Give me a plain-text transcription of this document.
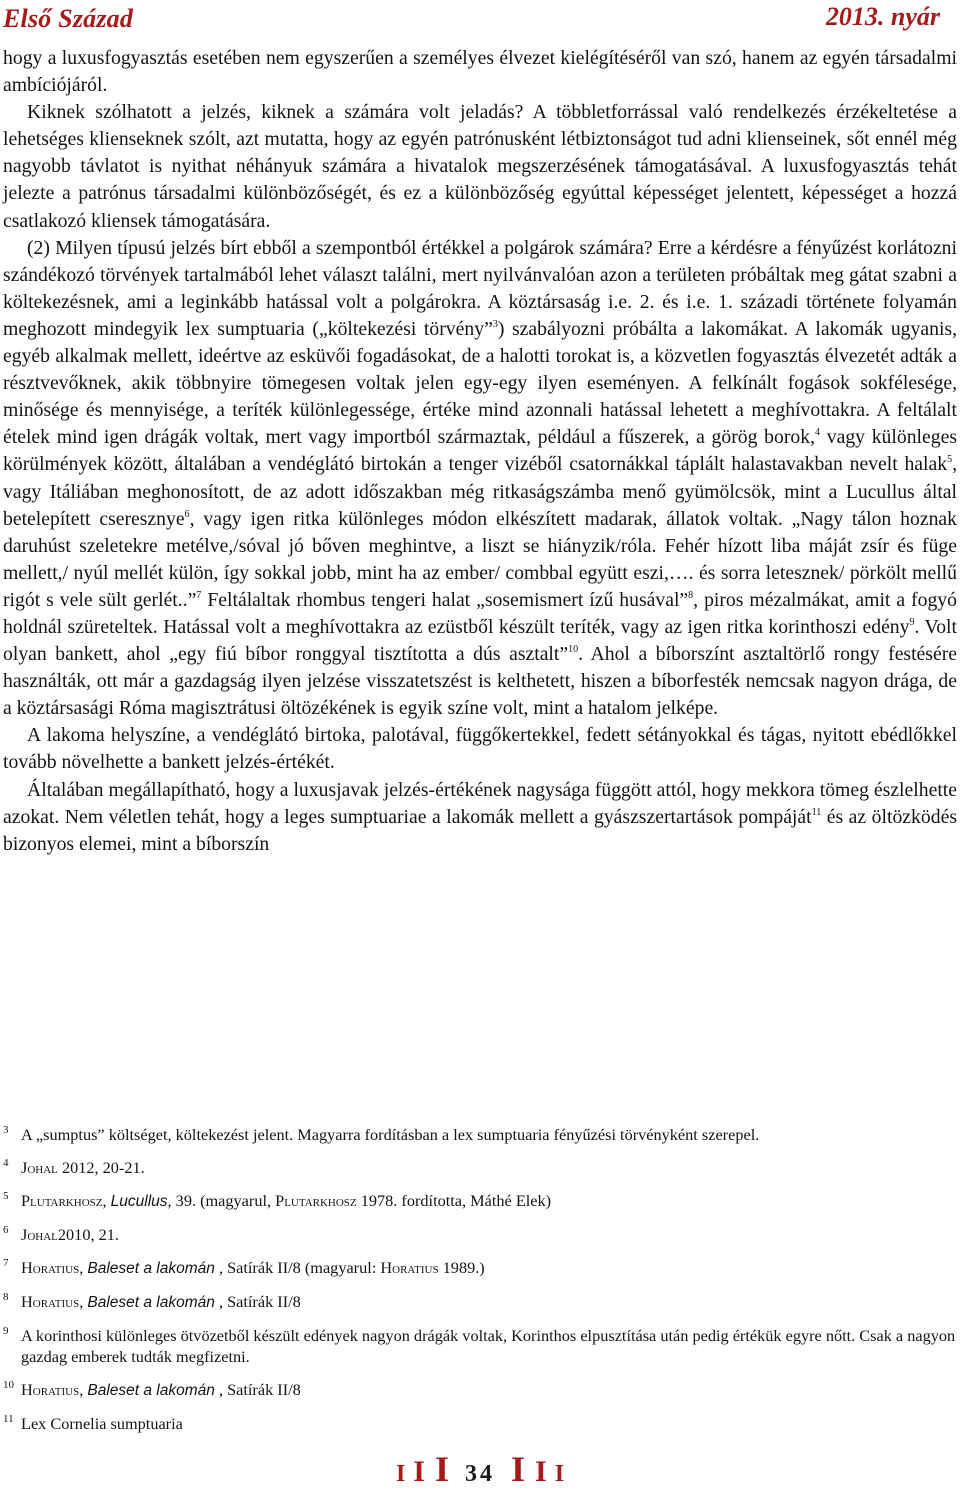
Első Század	2013. nyár

hogy a luxusfogyasztás esetében nem egyszerűen a személyes élvezet kielégítéséről van szó, hanem az egyén társadalmi ambíciójáról.

Kiknek szólhatott a jelzés, kiknek a számára volt jeladás? A többletforrással való rendelkezés érzékeltetése a lehetséges klienseknek szólt, azt mutatta, hogy az egyén patrónusként létbiztonságot tud adni klienseinek, sőt ennél még nagyobb távlatot is nyithat néhányuk számára a hivatalok megszerzésének támogatásával. A luxusfogyasztás tehát jelezte a patrónus társadalmi különbözőségét, és ez a különbözőség egyúttal képességet jelentett, képességet a hozzá csatlakozó kliensek támogatására.

(2) Milyen típusú jelzés bírt ebből a szempontból értékkel a polgárok számára? Erre a kérdésre a fényűzést korlátozni szándékozó törvények tartalmából lehet választ találni, mert nyilvánvalóan azon a területen próbáltak meg gátat szabni a költekezésnek, ami a leginkább hatással volt a polgárokra. A köztársaság i.e. 2. és i.e. 1. századi története folyamán meghozott mindegyik lex sumptuaria („költekezési törvény”$^3$) szabályozni próbálta a lakomákat. A lakomák ugyanis, egyéb alkalmak mellett, ideértve az esküvői fogadásokat, de a halotti torokat is, a közvetlen fogyasztás élvezetét adták a résztvevőknek, akik többnyire tömegesen voltak jelen egy-egy ilyen eseményen. A felkínált fogások sokfélesége, minősége és mennyisége, a teríték különlegessége, értéke mind azonnali hatással lehetett a meghívottakra. A feltálalt ételek mind igen drágák voltak, mert vagy importból származtak, például a fűszerek, a görög borok,$^4$ vagy különleges körülmények között, általában a vendéglátó birtokán a tenger vizéből csatornákkal táplált halastavakban nevelt halak$^5$, vagy Itáliában meghonosított, de az adott időszakban még ritkaságszámba menő gyümölcsök, mint a Lucullus által betelepített cseresznye$^6$, vagy igen ritka különleges módon elkészített madarak, állatok voltak. „Nagy tálon hoznak daruhúst szeletekre metélve,/sóval jó bőven meghintve, a liszt se hiányzik/róla. Fehér hízott liba máját zsír és füge mellett,/ nyúl mellét külön, így sokkal jobb, mint ha az ember/ combbal együtt eszi,…. és sorra letesznek/ pörkölt mellű rigót s vele sült gerlét..”$^7$ Feltálaltak rhombus tengeri halat „sosemismert ízű husával”$^8$, piros mézalmákat, amit a fogyó holdnál szüreteltek. Hatással volt a meghívottakra az ezüstből készült teríték, vagy az igen ritka korinthoszi edény$^9$. Volt olyan bankett, ahol „egy fiú bíbor ronggyal tisztította a dús asztalt”$^{10}$. Ahol a bíborszínt asztaltörlő rongy festésére használták, ott már a gazdagság ilyen jelzése visszatetszést is kelthetett, hiszen a bíborfesték nemcsak nagyon drága, de a köztársasági Róma magisztrátusi öltözékének is egyik színe volt, mint a hatalom jelképe.

A lakoma helyszíne, a vendéglátó birtoka, palotával, függőkertekkel, fedett sétányokkal és tágas, nyitott ebédlőkkel tovább növelhette a bankett jelzés-értékét.

Általában megállapítható, hogy a luxusjavak jelzés-értékének nagysága függött attól, hogy mekkora tömeg észlelhette azokat. Nem véletlen tehát, hogy a leges sumptuariae a lakomák mellett a gyászszertartások pompáját$^{11}$ és az öltözködés bizonyos elemei, mint a bíborszín

3 A „sumptus” költséget, költekezést jelent. Magyarra fordításban a lex sumptuaria fényűzési törvényként szerepel.
4 Johal 2012, 20-21.
5 Plutarkhosz, Lucullus, 39. (magyarul, Plutarkhosz 1978. fordította, Máthé Elek)
6 Johal2010, 21.
7 Horatius, Baleset a lakomán , Satírák II/8 (magyarul: Horatius 1989.)
8 Horatius, Baleset a lakomán , Satírák II/8
9 A korinthosi különleges ötvözetből készült edények nagyon drágák voltak, Korinthos elpusztítása után pedig értékük egyre nőtt. Csak a nagyon gazdag emberek tudták megfizetni.
10 Horatius, Baleset a lakomán , Satírák II/8
11 Lex Cornelia sumptuaria
I I I 34 I I I
